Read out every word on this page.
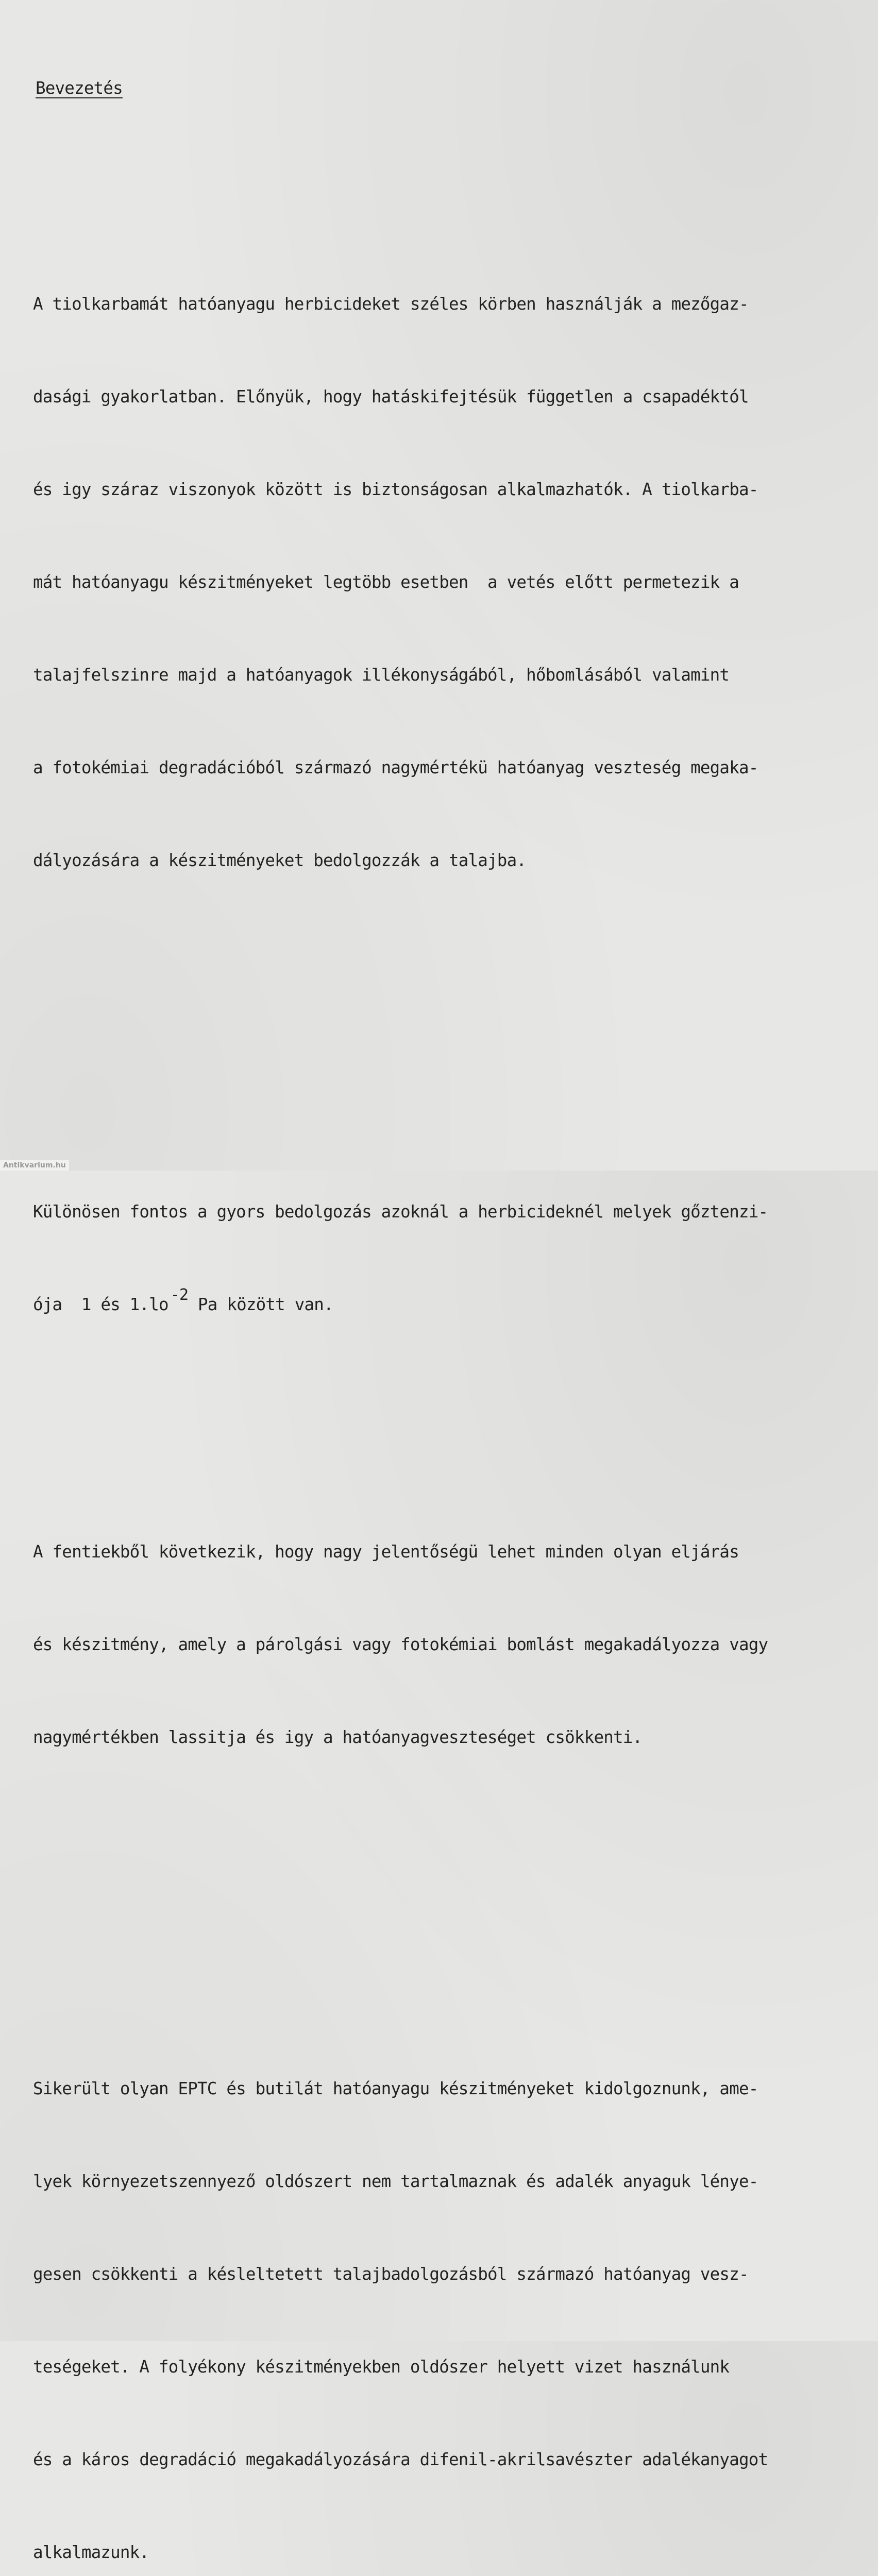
Bevezetés

A tiolkarbamát hatóanyagu herbicideket széles körben használják a mezőgaz-

dasági gyakorlatban. Előnyük, hogy hatáskifejtésük független a csapadéktól

és igy száraz viszonyok között is biztonságosan alkalmazhatók. A tiolkarba-

mát hatóanyagu készitményeket legtöbb esetben  a vetés előtt permetezik a

talajfelszinre majd a hatóanyagok illékonyságából, hőbomlásából valamint

a fotokémiai degradációból származó nagymértékü hatóanyag veszteség megaka-

dályozására a készitményeket bedolgozzák a talajba.

Különösen fontos a gyors bedolgozás azoknál a herbicideknél melyek gőztenzi-

ója  1 és 1.lo -2 Pa között van.

A fentiekből következik, hogy nagy jelentőségü lehet minden olyan eljárás

és készitmény, amely a párolgási vagy fotokémiai bomlást megakadályozza vagy

nagymértékben lassitja és igy a hatóanyagveszteséget csökkenti.

Sikerült olyan EPTC és butilát hatóanyagu készitményeket kidolgoznunk, ame-

lyek környezetszennyező oldószert nem tartalmaznak és adalék anyaguk lénye-

gesen csökkenti a késleltetett talajbadolgozásból származó hatóanyag vesz-

teségeket. A folyékony készitményekben oldószer helyett vizet használunk

és a káros degradáció megakadályozására difenil-akrilsavészter adalékanyagot

alkalmazunk.

Antikvarium.hu
